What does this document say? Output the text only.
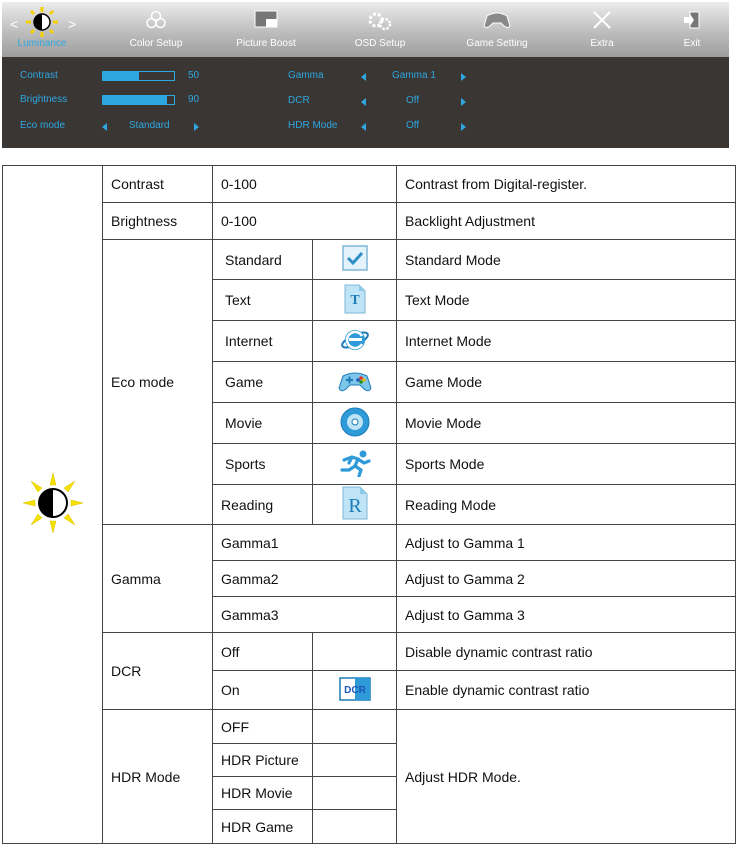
<	>
Luminance	Color Setup	Picture Boost	OSD Setup	Game Setting	Extra	Exit
Contrast	50
Brightness	90
Eco mode	Standard
Gamma	Gamma 1
DCR	Off
HDR Mode	Off
	Contrast	0-100		Contrast from Digital-register.
	Brightness	0-100		Backlight Adjustment
	Eco mode	Standard		Standard Mode
		Text	T	Text Mode
		Internet		Internet Mode
		Game		Game Mode
		Movie		Movie Mode
		Sports		Sports Mode
		Reading	R	Reading Mode
	Gamma	Gamma1		Adjust to Gamma 1
		Gamma2		Adjust to Gamma 2
		Gamma3		Adjust to Gamma 3
	DCR	Off		Disable dynamic contrast ratio
		On	DCR	Enable dynamic contrast ratio
	HDR Mode	OFF		Adjust HDR Mode.
		HDR Picture		
		HDR Movie		
		HDR Game		
